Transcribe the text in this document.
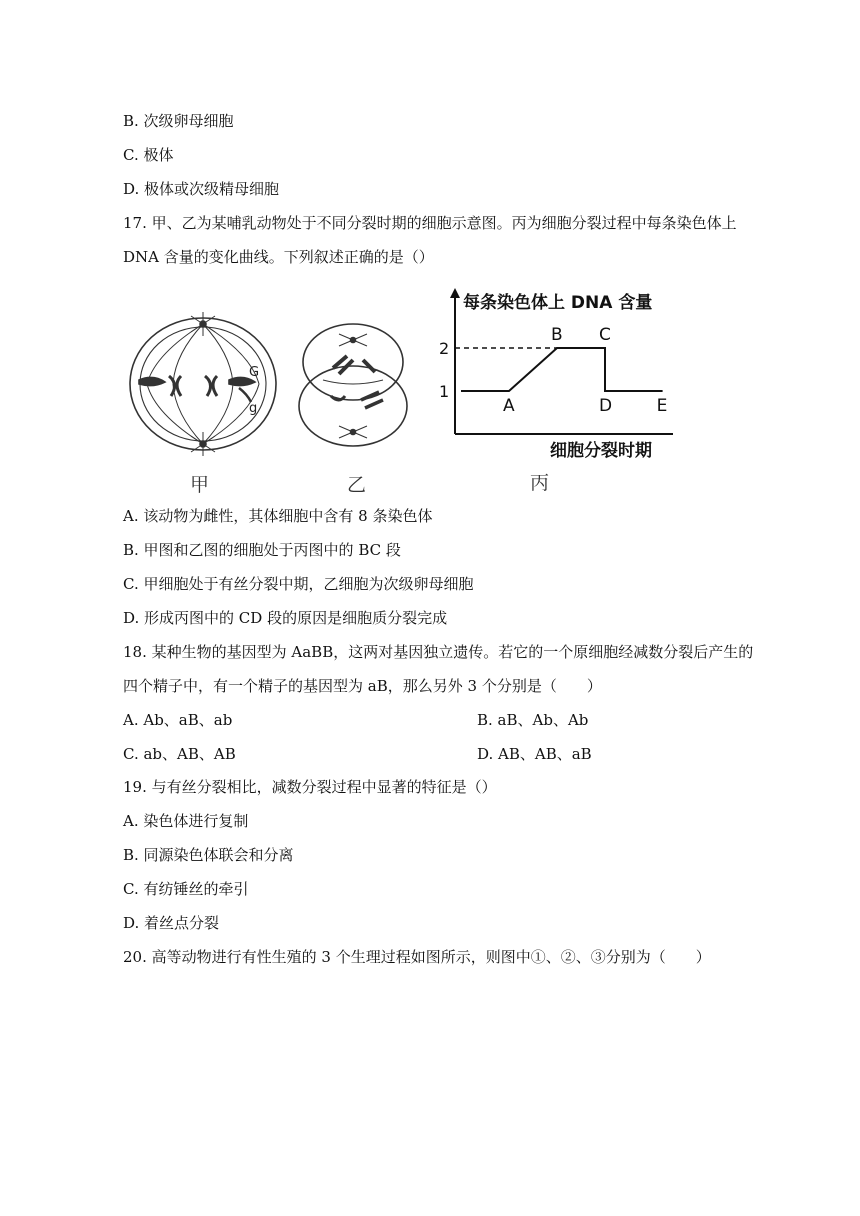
B. 次级卵母细胞
C. 极体
D. 极体或次级精母细胞
17. 甲、乙为某哺乳动物处于不同分裂时期的细胞示意图。丙为细胞分裂过程中每条染色体上
DNA 含量的变化曲线。下列叙述正确的是（）
G
g
每条染色体上 DNA 含量
细胞分裂时期
1
2
A
B C
D	E
甲	乙	丙
A. 该动物为雌性，其体细胞中含有 8 条染色体
B. 甲图和乙图的细胞处于丙图中的 BC 段
C. 甲细胞处于有丝分裂中期，乙细胞为次级卵母细胞
D. 形成丙图中的 CD 段的原因是细胞质分裂完成
18. 某种生物的基因型为 AaBB，这两对基因独立遗传。若它的一个原细胞经减数分裂后产生的
四个精子中，有一个精子的基因型为 aB，那么另外 3 个分别是（　　）
A. Ab、aB、ab	B. aB、Ab、Ab
C. ab、AB、AB	D. AB、AB、aB
19. 与有丝分裂相比，减数分裂过程中显著的特征是（）
A. 染色体进行复制
B. 同源染色体联会和分离
C. 有纺锤丝的牵引
D. 着丝点分裂
20. 高等动物进行有性生殖的 3 个生理过程如图所示，则图中①、②、③分别为（　　）
